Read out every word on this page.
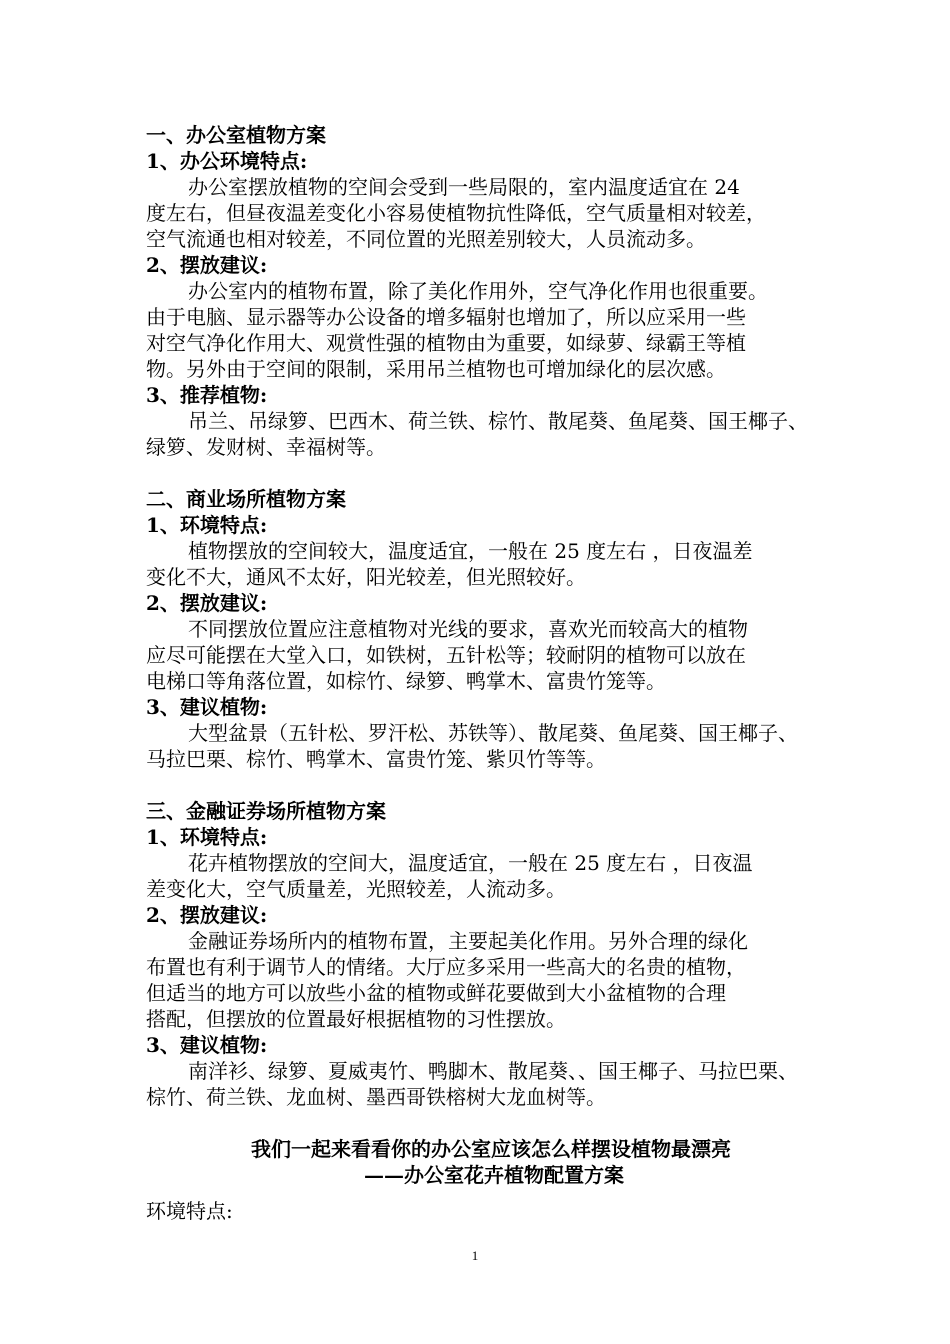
一、办公室植物方案
1、办公环境特点:
办公室摆放植物的空间会受到一些局限的，室内温度适宜在 24
度左右，但昼夜温差变化小容易使植物抗性降低，空气质量相对较差，
空气流通也相对较差，不同位置的光照差别较大，人员流动多。
2、摆放建议:
办公室内的植物布置，除了美化作用外，空气净化作用也很重要。
由于电脑、显示器等办公设备的增多辐射也增加了，所以应采用一些
对空气净化作用大、观赏性强的植物由为重要，如绿萝、绿霸王等植
物。另外由于空间的限制，采用吊兰植物也可增加绿化的层次感。
3、推荐植物:
吊兰、吊绿箩、巴西木、荷兰铁、棕竹、散尾葵、鱼尾葵、国王椰子、
绿箩、发财树、幸福树等。
二、商业场所植物方案
1、环境特点:
植物摆放的空间较大，温度适宜，一般在 25 度左右 ，日夜温差
变化不大，通风不太好，阳光较差，但光照较好。
2、摆放建议:
不同摆放位置应注意植物对光线的要求，喜欢光而较高大的植物
应尽可能摆在大堂入口，如铁树，五针松等；较耐阴的植物可以放在
电梯口等角落位置，如棕竹、绿箩、鸭掌木、富贵竹笼等。
3、建议植物:
大型盆景（五针松、罗汗松、苏铁等）、散尾葵、鱼尾葵、国王椰子、
马拉巴栗、棕竹、鸭掌木、富贵竹笼、紫贝竹等等。
三、金融证券场所植物方案
1、环境特点:
花卉植物摆放的空间大，温度适宜，一般在 25 度左右 ，日夜温
差变化大，空气质量差，光照较差，人流动多。
2、摆放建议:
金融证券场所内的植物布置，主要起美化作用。另外合理的绿化
布置也有利于调节人的情绪。大厅应多采用一些高大的名贵的植物，
但适当的地方可以放些小盆的植物或鲜花要做到大小盆植物的合理
搭配，但摆放的位置最好根据植物的习性摆放。
3、建议植物:
南洋衫、绿箩、夏威夷竹、鸭脚木、散尾葵、、国王椰子、马拉巴栗、
棕竹、荷兰铁、龙血树、墨西哥铁榕树大龙血树等。
我们一起来看看你的办公室应该怎么样摆设植物最漂亮
——办公室花卉植物配置方案
环境特点:
1
